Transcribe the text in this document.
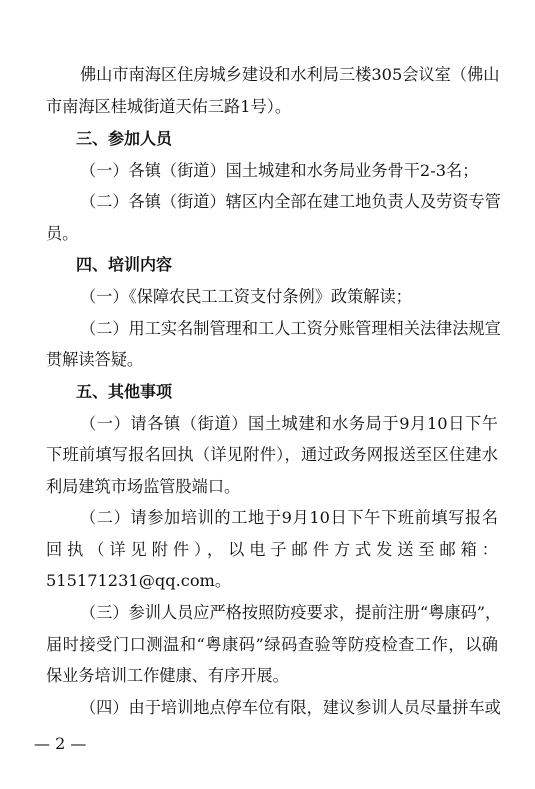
佛山市南海区住房城乡建设和水利局三楼305会议室（佛山
市南海区桂城街道天佑三路1号）。
三、参加人员
（一）各镇（街道）国土城建和水务局业务骨干2-3名；
（二）各镇（街道）辖区内全部在建工地负责人及劳资专管
员。
四、培训内容
（一）《保障农民工工资支付条例》政策解读；
（二）用工实名制管理和工人工资分账管理相关法律法规宣
贯解读答疑。
五、其他事项
（一）请各镇（街道）国土城建和水务局于9月10日下午
下班前填写报名回执（详见附件），通过政务网报送至区住建水
利局建筑市场监管股端口。
（二）请参加培训的工地于9月10日下午下班前填写报名
回执（详见附件），以电子邮件方式发送至邮箱：
515171231@qq.com。
（三）参训人员应严格按照防疫要求，提前注册“粤康码”，
届时接受门口测温和“粤康码”绿码查验等防疫检查工作，以确
保业务培训工作健康、有序开展。
（四）由于培训地点停车位有限，建议参训人员尽量拼车或
— 2 —
